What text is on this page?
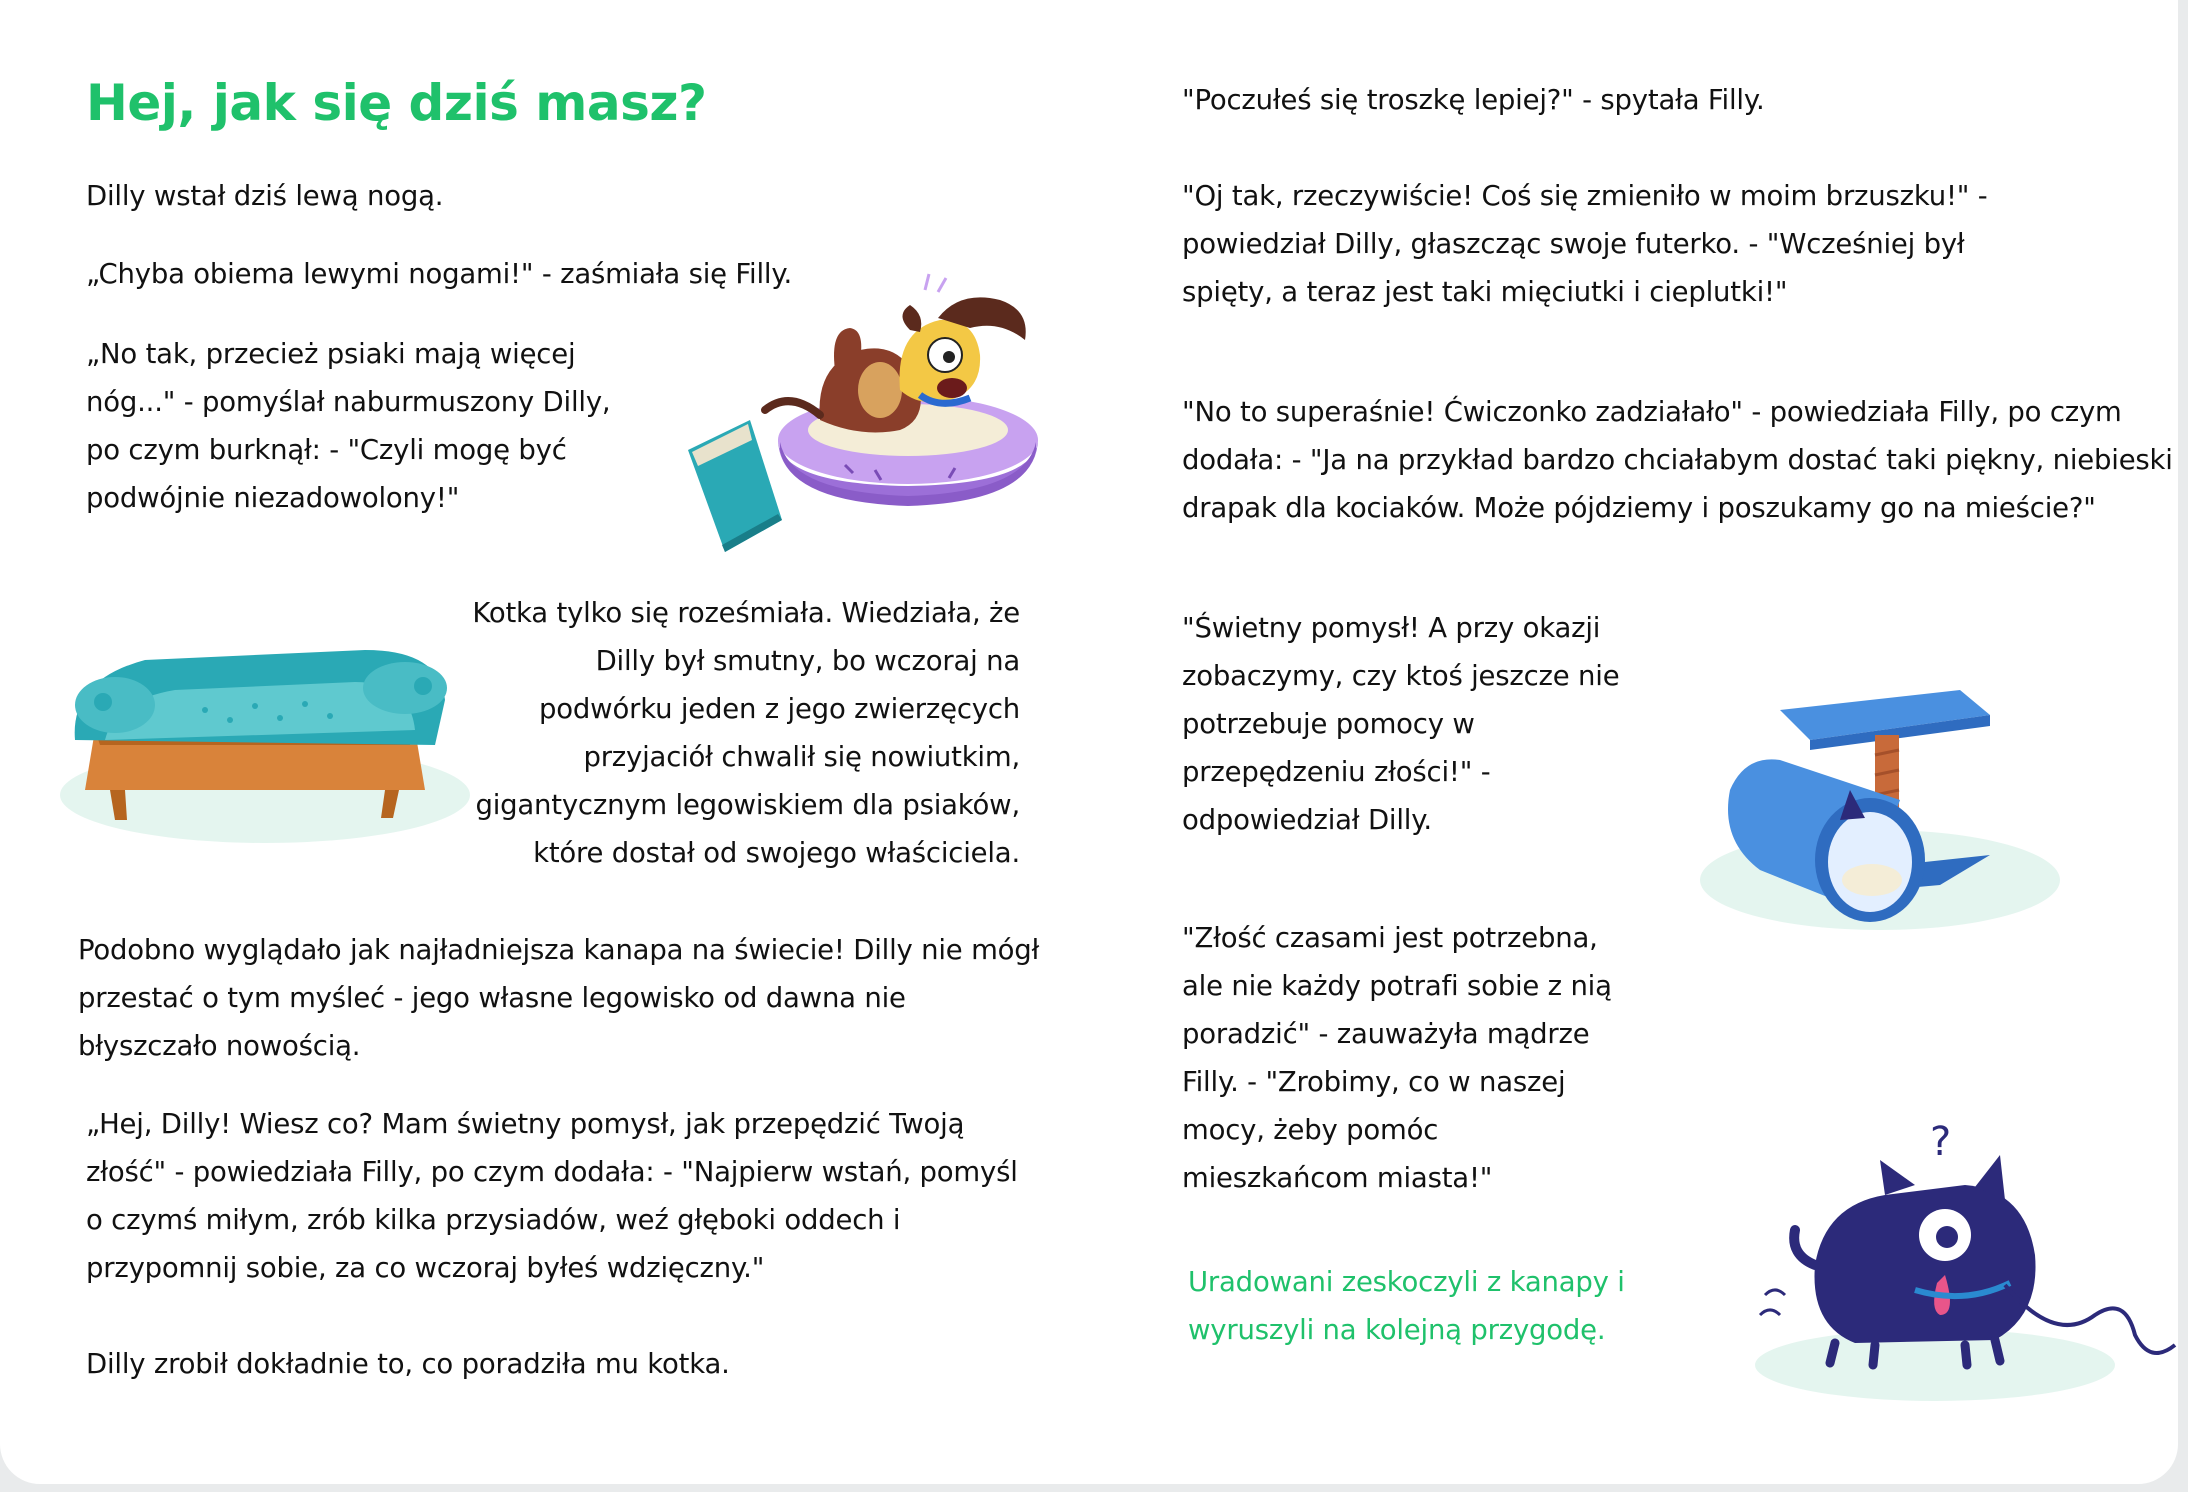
Hej, jak się dziś masz?

Dilly wstał dziś lewą nogą.

„Chyba obiema lewymi nogami!" - zaśmiała się Filly.

„No tak, przecież psiaki mają więcej

nóg..." - pomyślał naburmuszony Dilly,

po czym burknął: - "Czyli mogę być

podwójnie niezadowolony!"

Kotka tylko się roześmiała. Wiedziała, że

Dilly był smutny, bo wczoraj na

podwórku jeden z jego zwierzęcych

przyjaciół chwalił się nowiutkim,

gigantycznym legowiskiem dla psiaków,

które dostał od swojego właściciela.

Podobno wyglądało jak najładniejsza kanapa na świecie! Dilly nie mógł

przestać o tym myśleć - jego własne legowisko od dawna nie

błyszczało nowością.

„Hej, Dilly! Wiesz co? Mam świetny pomysł, jak przepędzić Twoją

złość" - powiedziała Filly, po czym dodała: - "Najpierw wstań, pomyśl

o czymś miłym, zrób kilka przysiadów, weź głęboki oddech i

przypomnij sobie, za co wczoraj byłeś wdzięczny."

Dilly zrobił dokładnie to, co poradziła mu kotka.

"Poczułeś się troszkę lepiej?" - spytała Filly.

"Oj tak, rzeczywiście! Coś się zmieniło w moim brzuszku!" -

powiedział Dilly, głaszcząc swoje futerko. - "Wcześniej był

spięty, a teraz jest taki mięciutki i cieplutki!"

"No to superaśnie! Ćwiczonko zadziałało" - powiedziała Filly, po czym

dodała: - "Ja na przykład bardzo chciałabym dostać taki piękny, niebieski

drapak dla kociaków. Może pójdziemy i poszukamy go na mieście?"

"Świetny pomysł! A przy okazji

zobaczymy, czy ktoś jeszcze nie

potrzebuje pomocy w

przepędzeniu złości!" -

odpowiedział Dilly.

"Złość czasami jest potrzebna,

ale nie każdy potrafi sobie z nią

poradzić" - zauważyła mądrze

Filly. - "Zrobimy, co w naszej

mocy, żeby pomóc

mieszkańcom miasta!"

Uradowani zeskoczyli z kanapy i

wyruszyli na kolejną przygodę.

?
